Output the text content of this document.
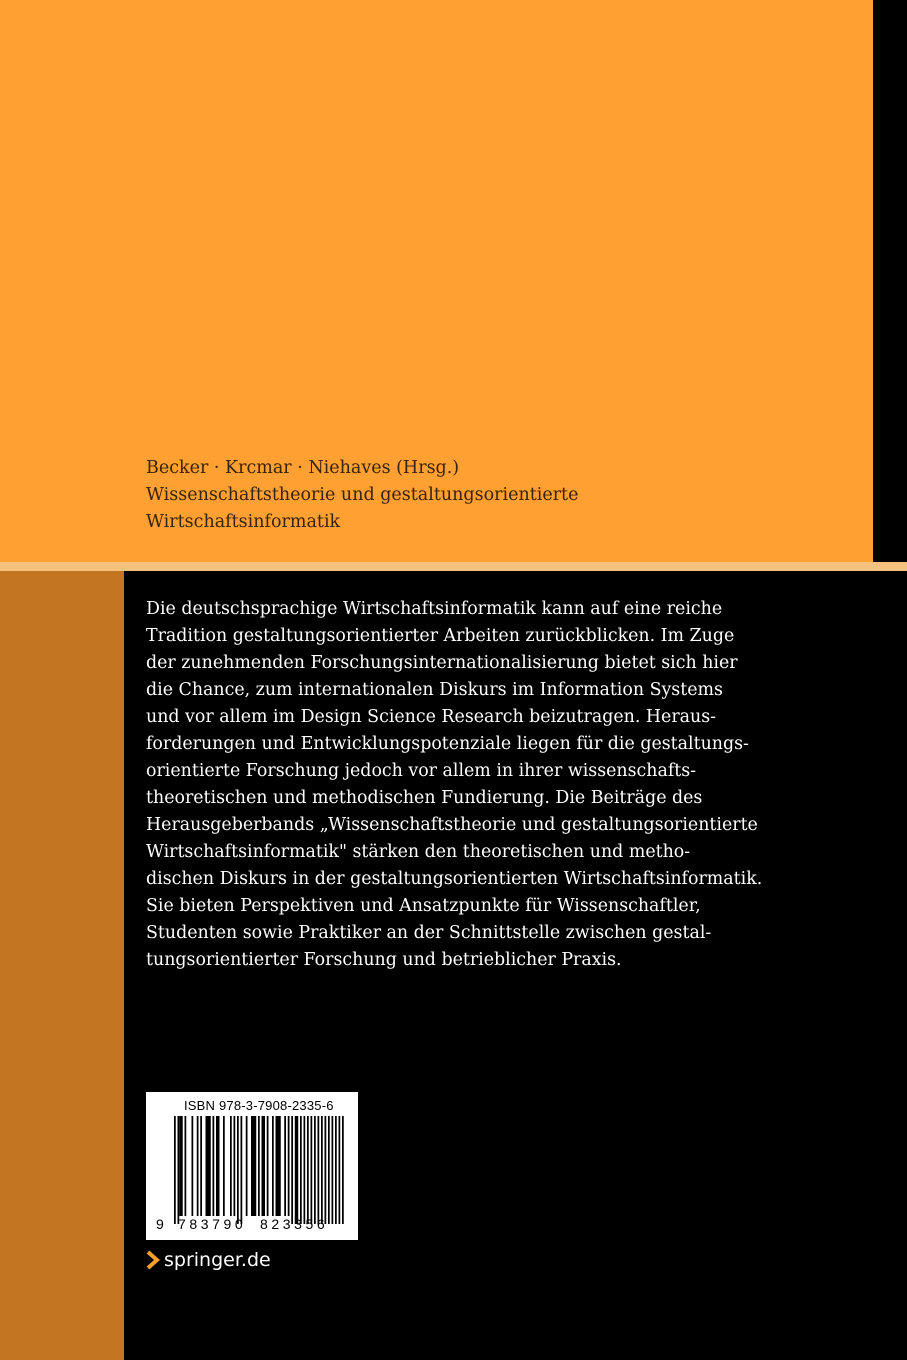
Becker · Krcmar · Niehaves (Hrsg.)
Wissenschaftstheorie und gestaltungsorientierte
Wirtschaftsinformatik
Die deutschsprachige Wirtschaftsinformatik kann auf eine reiche
Tradition gestaltungsorientierter Arbeiten zurückblicken. Im Zuge
der zunehmenden Forschungsinternationalisierung bietet sich hier
die Chance, zum internationalen Diskurs im Information Systems
und vor allem im Design Science Research beizutragen. Heraus-
forderungen und Entwicklungspotenziale liegen für die gestaltungs-
orientierte Forschung jedoch vor allem in ihrer wissenschafts-
theoretischen und methodischen Fundierung. Die Beiträge des
Herausgeberbands „Wissenschaftstheorie und gestaltungsorientierte
Wirtschaftsinformatik" stärken den theoretischen und metho-
dischen Diskurs in der gestaltungsorientierten Wirtschaftsinformatik.
Sie bieten Perspektiven und Ansatzpunkte für Wissenschaftler,
Studenten sowie Praktiker an der Schnittstelle zwischen gestal-
tungsorientierter Forschung und betrieblicher Praxis.
ISBN 978-3-7908-2335-6
9 783790 823356
springer.de
